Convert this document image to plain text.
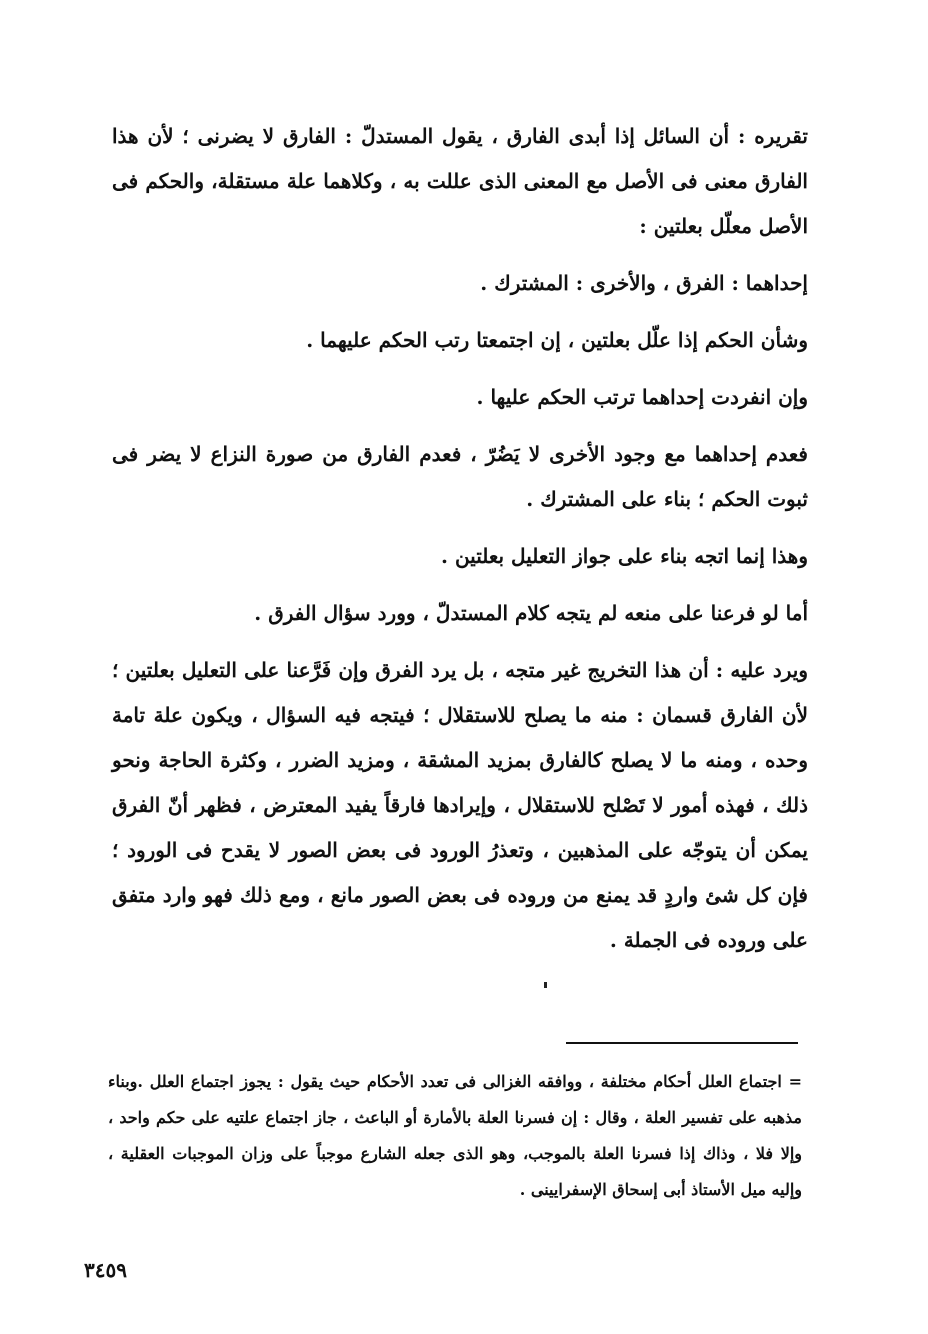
تقريره : أن السائل إذا أبدى الفارق ، يقول المستدلّ : الفارق لا يضرنى ؛ لأن هذا الفارق معنى فى الأصل مع المعنى الذى عللت به ، وكلاهما علة مستقلة، والحكم فى الأصل معلّل بعلتين :

إحداهما : الفرق ، والأخرى : المشترك .

وشأن الحكم إذا علّل بعلتين ، إن اجتمعتا رتب الحكم عليهما .

وإن انفردت إحداهما ترتب الحكم عليها .

فعدم إحداهما مع وجود الأخرى لا يَضُرّ ، فعدم الفارق من صورة النزاع لا يضر فى ثبوت الحكم ؛ بناء على المشترك .

وهذا إنما اتجه بناء على جواز التعليل بعلتين .

أما لو فرعنا على منعه لم يتجه كلام المستدلّ ، وورد سؤال الفرق .

ويرد عليه : أن هذا التخريج غير متجه ، بل يرد الفرق وإن فَرَّعنا على التعليل بعلتين ؛ لأن الفارق قسمان : منه ما يصلح للاستقلال ؛ فيتجه فيه السؤال ، ويكون علة تامة وحده ، ومنه ما لا يصلح كالفارق بمزيد المشقة ، ومزيد الضرر ، وكثرة الحاجة ونحو ذلك ، فهذه أمور لا تَصْلح للاستقلال ، وإيرادها فارقاً يفيد المعترض ، فظهر أنّ الفرق يمكن أن يتوجّه على المذهبين ، وتعذرُ الورود فى بعض الصور لا يقدح فى الورود ؛ فإن كل شئ واردٍ قد يمنع من وروده فى بعض الصور مانع ، ومع ذلك فهو وارد متفق على وروده فى الجملة .

= اجتماع العلل أحكام مختلفة ، ووافقه الغزالى فى تعدد الأحكام حيث يقول : يجوز اجتماع العلل .وبناء مذهبه على تفسير العلة ، وقال : إن فسرنا العلة بالأمارة أو الباعث ، جاز اجتماع علتيه على حكم واحد ، وإلا فلا ، وذاك إذا فسرنا العلة بالموجب، وهو الذى جعله الشارع موجباً على وزان الموجبات العقلية ، وإليه ميل الأستاذ أبى إسحاق الإسفرايينى .

٣٤٥٩
